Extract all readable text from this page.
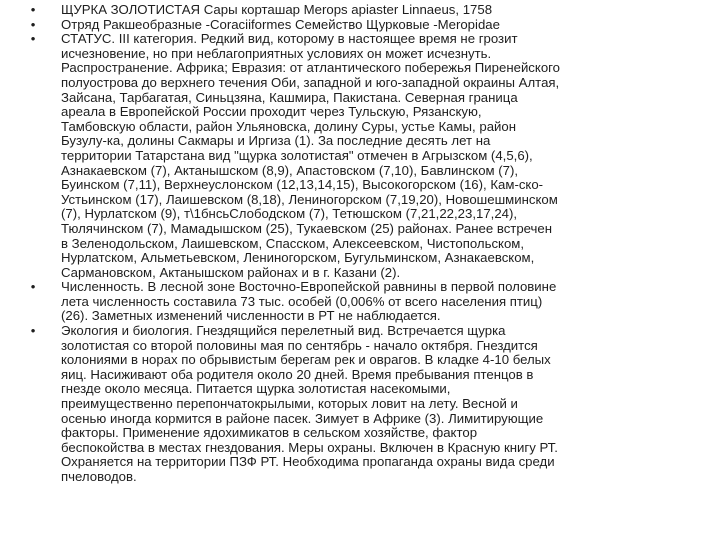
• ЩУРКА ЗОЛОТИСТАЯ Сары корташар Merops apiaster Linnaeus, 1758
• Отряд Ракшеобразные -Coraciiformes Семейство Щурковые -Meropidae
• СТАТУС. III категория. Редкий вид, которому в настоящее время не грозит
исчезновение, но при неблагоприятных условиях он может исчезнуть.
Распространение. Африка; Евразия: от атлантического побережья Пиренейского
полуострова до верхнего течения Оби, западной и юго-западной окраины Алтая,
Зайсана, Тарбагатая, Синьцзяна, Кашмира, Пакистана. Северная граница
ареала в Европейской России проходит через Тульскую, Рязанскую,
Тамбовскую области, район Ульяновска, долину Суры, устье Камы, район
Бузулу-ка, долины Сакмары и Иргиза (1). За последние десять лет на
территории Татарстана вид "щурка золотистая" отмечен в Агрызском (4,5,6),
Азнакаевском (7), Актанышском (8,9), Апастовском (7,10), Бавлинском (7),
Буинском (7,11), Верхнеуслонском (12,13,14,15), Высокогорском (16), Кам-ско-
Устьинском (17), Лаишевском (8,18), Лениногорском (7,19,20), Новошешминском
(7), Нурлатском (9), т\1бнсьСлободском (7), Тетюшском (7,21,22,23,17,24),
Тюлячинском (7), Мамадышском (25), Тукаевском (25) районах. Ранее встречен
в Зеленодольском, Лаишевском, Спасском, Алексеевском, Чистопольском,
Нурлатском, Альметьевском, Лениногорском, Бугульминском, Азнакаевском,
Сармановском, Актанышском районах и в г. Казани (2).
• Численность. В лесной зоне Восточно-Европейской равнины в первой половине
лета численность составила 73 тыс. особей (0,006% от всего населения птиц)
(26). Заметных изменений численности в РТ не наблюдается.
• Экология и биология. Гнездящийся перелетный вид. Встречается щурка
золотистая со второй половины мая по сентябрь - начало октября. Гнездится
колониями в норах по обрывистым берегам рек и оврагов. В кладке 4-10 белых
яиц. Насиживают оба родителя около 20 дней. Время пребывания птенцов в
гнезде около месяца. Питается щурка золотистая насекомыми,
преимущественно перепончатокрылыми, которых ловит на лету. Весной и
осенью иногда кормится в районе пасек. Зимует в Африке (3). Лимитирующие
факторы. Применение ядохимикатов в сельском хозяйстве, фактор
беспокойства в местах гнездования. Меры охраны. Включен в Красную книгу РТ.
Охраняется на территории ПЗФ РТ. Необходима пропаганда охраны вида среди
пчеловодов.
